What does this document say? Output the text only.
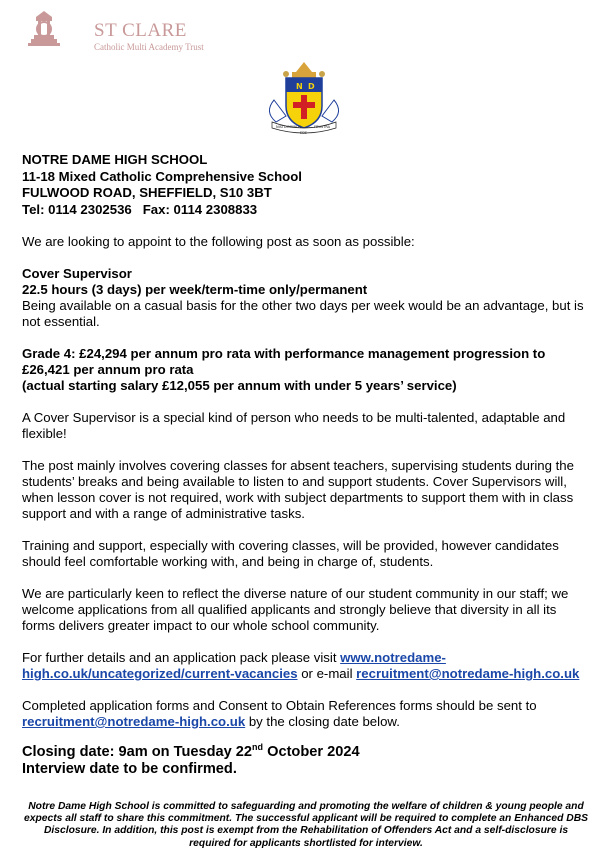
ST CLARE
Catholic Multi Academy Trust
N D
NISI DOMINUS	FRUSTRA
EDE
NOTRE DAME HIGH SCHOOL
11-18 Mixed Catholic Comprehensive School
FULWOOD ROAD, SHEFFIELD, S10 3BT
Tel: 0114 2302536   Fax: 0114 2308833

We are looking to appoint to the following post as soon as possible:

Cover Supervisor

22.5 hours (3 days) per week/term-time only/permanent

Being available on a casual basis for the other two days per week would be an advantage, but is not essential.

Grade 4: £24,294 per annum pro rata with performance management progression to

£26,421 per annum pro rata

(actual starting salary £12,055 per annum with under 5 years’ service)

A Cover Supervisor is a special kind of person who needs to be multi-talented, adaptable and flexible!

The post mainly involves covering classes for absent teachers, supervising students during the students’ breaks and being available to listen to and support students. Cover Supervisors will, when lesson cover is not required, work with subject departments to support them with in class support and with a range of administrative tasks.

Training and support, especially with covering classes, will be provided, however candidates should feel comfortable working with, and being in charge of, students.

We are particularly keen to reflect the diverse nature of our student community in our staff; we welcome applications from all qualified applicants and strongly believe that diversity in all its forms delivers greater impact to our whole school community.

For further details and an application pack please visit www.notredame-high.co.uk/uncategorized/current-vacancies or e-mail recruitment@notredame-high.co.uk

Completed application forms and Consent to Obtain References forms should be sent to recruitment@notredame-high.co.uk by the closing date below.

Closing date: 9am on Tuesday 22nd October 2024

Interview date to be confirmed.

Notre Dame High School is committed to safeguarding and promoting the welfare of children & young people and expects all staff to share this commitment. The successful applicant will be required to complete an Enhanced DBS Disclosure. In addition, this post is exempt from the Rehabilitation of Offenders Act and a self-disclosure is required for applicants shortlisted for interview.
